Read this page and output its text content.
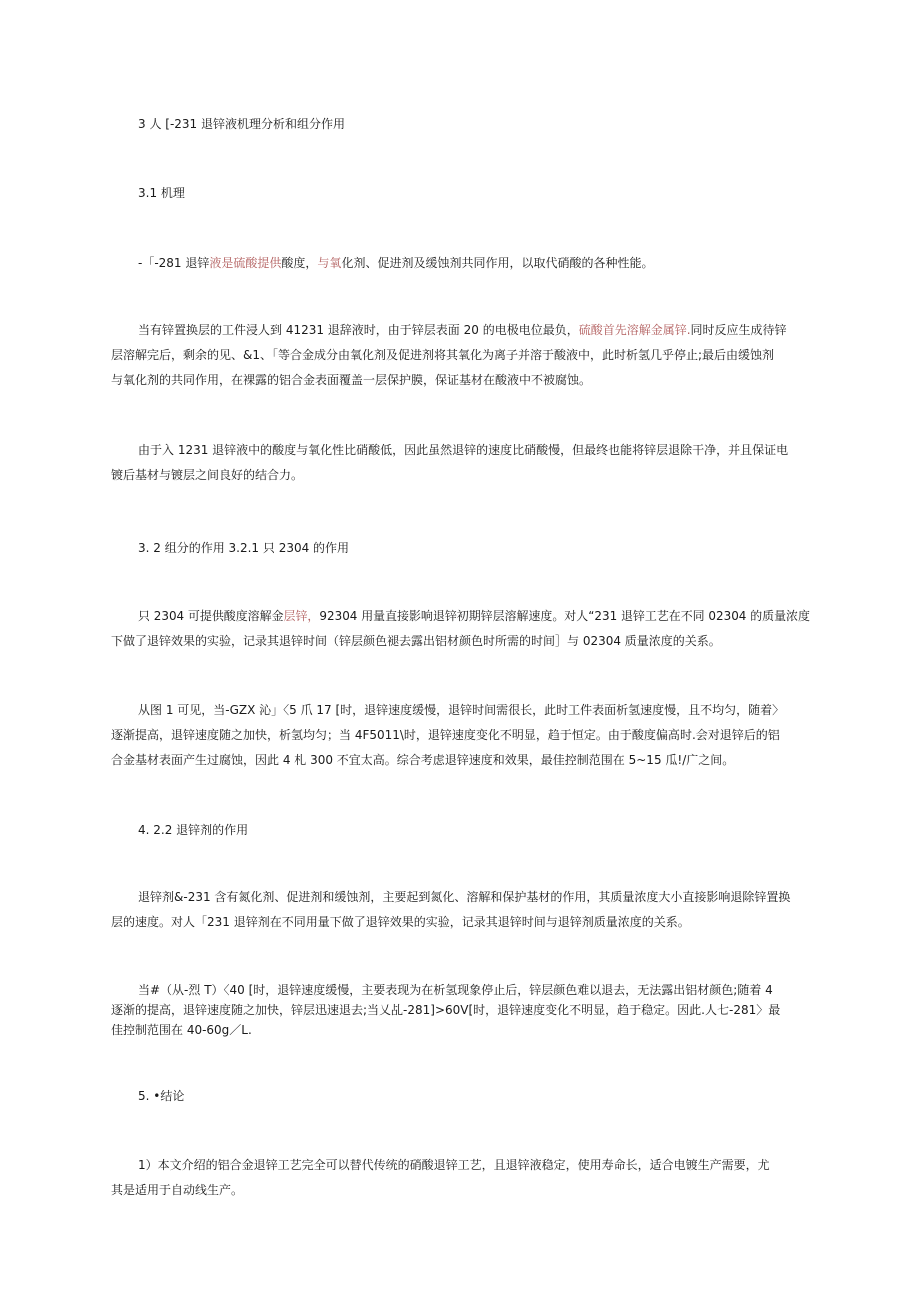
3 人 [-231 退锌液机理分析和组分作用
3.1 机理
-「-281 退锌液是硫酸提供酸度，与氧化剂、促进剂及缓蚀剂共同作用，以取代硝酸的各种性能。
当有锌置换层的工件浸人到 41231 退辞液时，由于锌层表面 20 的电极电位最负，硫酸首先溶解金属锌.同时反应生成待锌
层溶解完后，剩余的见、&1、「等合金成分由氧化剂及促进剂将其氧化为离子并溶于酸液中，此时析氢几乎停止;最后由缓蚀剂
与氧化剂的共同作用，在裸露的铝合金表面覆盖一层保护膜，保证基材在酸液中不被腐蚀。
由于入 1231 退锌液中的酸度与氧化性比硝酸低，因此虽然退锌的速度比硝酸慢，但最终也能将锌层退除干净，并且保证电
镀后基材与镀层之间良好的结合力。
3. 2 组分的作用 3.2.1 只 2304 的作用
只 2304 可提供酸度溶解金层锌，92304 用量直接影响退锌初期锌层溶解速度。对人“231 退锌工艺在不同 02304 的质量浓度
下做了退锌效果的实验，记录其退锌时间（锌层颜色褪去露出铝材颜色时所需的时间］与 02304 质量浓度的关系。
从图 1 可见，当-GZX 沁」〈5 爪 17 [时，退锌速度缓慢，退锌时间需很长，此时工件表面析氢速度慢，且不均匀，随着〉
逐渐提高，退锌速度随之加快，析氢均匀；当 4F5011\时，退锌速度变化不明显，趋于恒定。由于酸度偏高时.会对退锌后的铝
合金基材表面产生过腐蚀，因此 4 札 300 不宜太高。综合考虑退锌速度和效果，最佳控制范围在 5~15 瓜!/广之间。
4. 2.2 退锌剂的作用
退锌剂&-231 含有氮化剂、促进剂和缓蚀剂，主要起到氮化、溶解和保护基材的作用，其质量浓度大小直接影响退除锌置换
层的速度。对人「231 退锌剂在不同用量下做了退锌效果的实验，记录其退锌时间与退锌剂质量浓度的关系。
当#（从-烈 T）〈40 [时，退锌速度缓慢，主要表现为在析氢现象停止后，锌层颜色难以退去，无法露出铝材颜色;随着 4
逐渐的提高，退锌速度随之加快，锌层迅速退去;当乂乩-281]>60V[时，退锌速度变化不明显，趋于稳定。因此.人七-281〉最
佳控制范围在 40-60g／L.
5. •结论
1）本文介绍的铝合金退锌工艺完全可以替代传统的硝酸退锌工艺，且退锌液稳定，使用寿命长，适合电镀生产需要，尤
其是适用于自动线生产。
